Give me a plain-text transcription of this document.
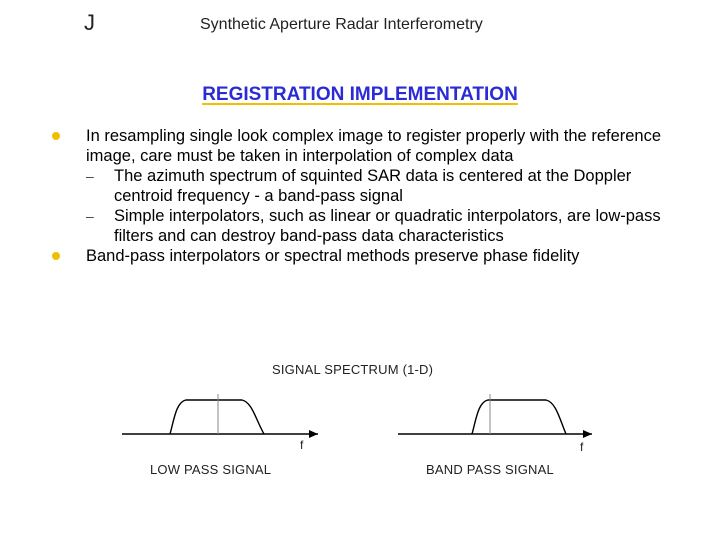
J	Synthetic Aperture Radar Interferometry
REGISTRATION IMPLEMENTATION
In resampling single look complex image to register properly with the reference image, care must be taken in interpolation of complex data
– The azimuth spectrum of squinted SAR data is centered at the Doppler centroid frequency - a band-pass signal
– Simple interpolators, such as linear or quadratic interpolators, are low-pass filters and can destroy band-pass data characteristics
Band-pass interpolators or spectral methods preserve phase fidelity
SIGNAL SPECTRUM (1-D)
f	f
LOW PASS SIGNAL	BAND PASS SIGNAL
